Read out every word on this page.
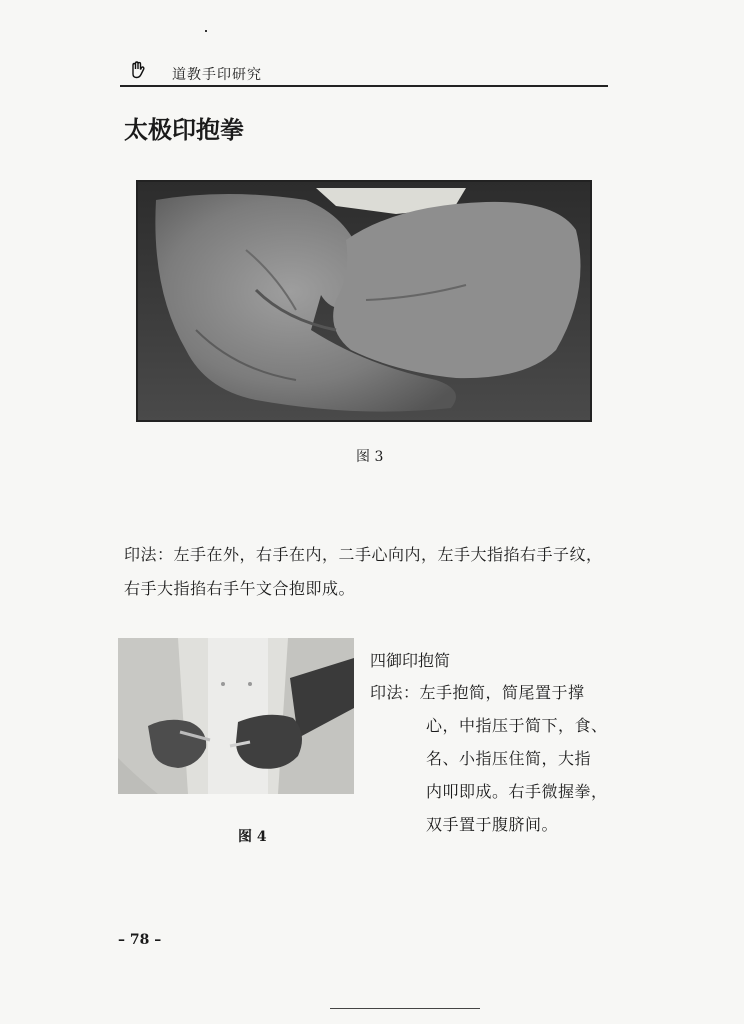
道教手印研究
太极印抱拳
图 3
印法：左手在外，右手在内，二手心向内，左手大指掐右手子纹，
右手大指掐右手午文合抱即成。
图 4
四御印抱简
印法：左手抱简，简尾置于撑
心，中指压于简下，食、
名、小指压住简，大指
内叩即成。右手微握拳，
双手置于腹脐间。
– 78 –
